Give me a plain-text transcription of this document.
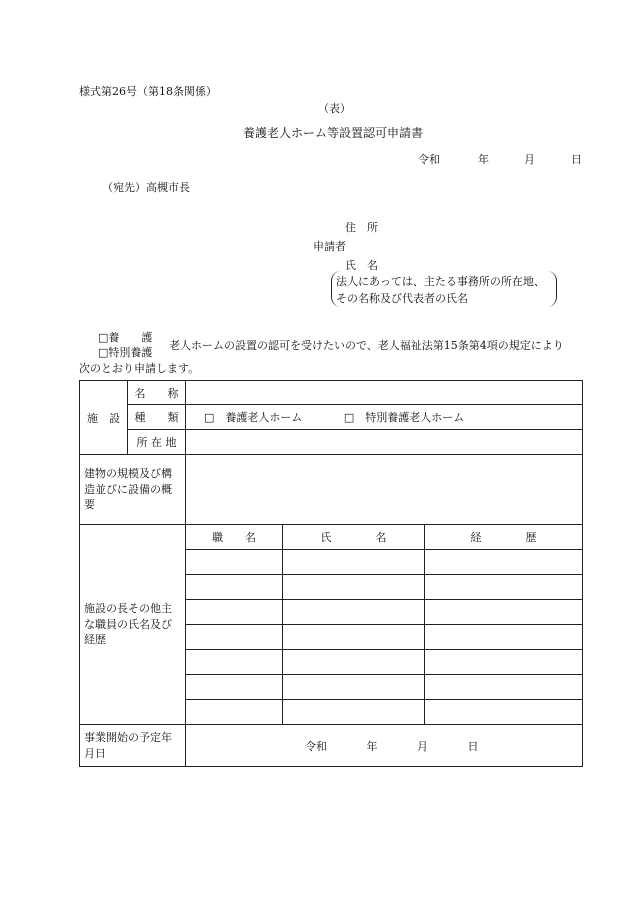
様式第26号（第18条関係）
（表）
養護老人ホーム等設置認可申請書
令和	年	月	日
（宛先）高槻市長
住　所
申請者
氏　名
法人にあっては、主たる事務所の所在地、
その名称及び代表者の氏名
□養　　護
□特別養護
老人ホームの設置の認可を受けたいので、老人福祉法第15条第4項の規定により
次のとおり申請します。
施　設	名　　称			
	種　　類	□　養護老人ホーム □　特別養護老人ホーム		
	所 在 地			
建物の規模及び構造並びに設備の概要				
施設の長その他主な職員の氏名及び経歴		職　　名	氏　　　　名	経　　　　歴

事業開始の予定年月日		令和 年 月 日		
